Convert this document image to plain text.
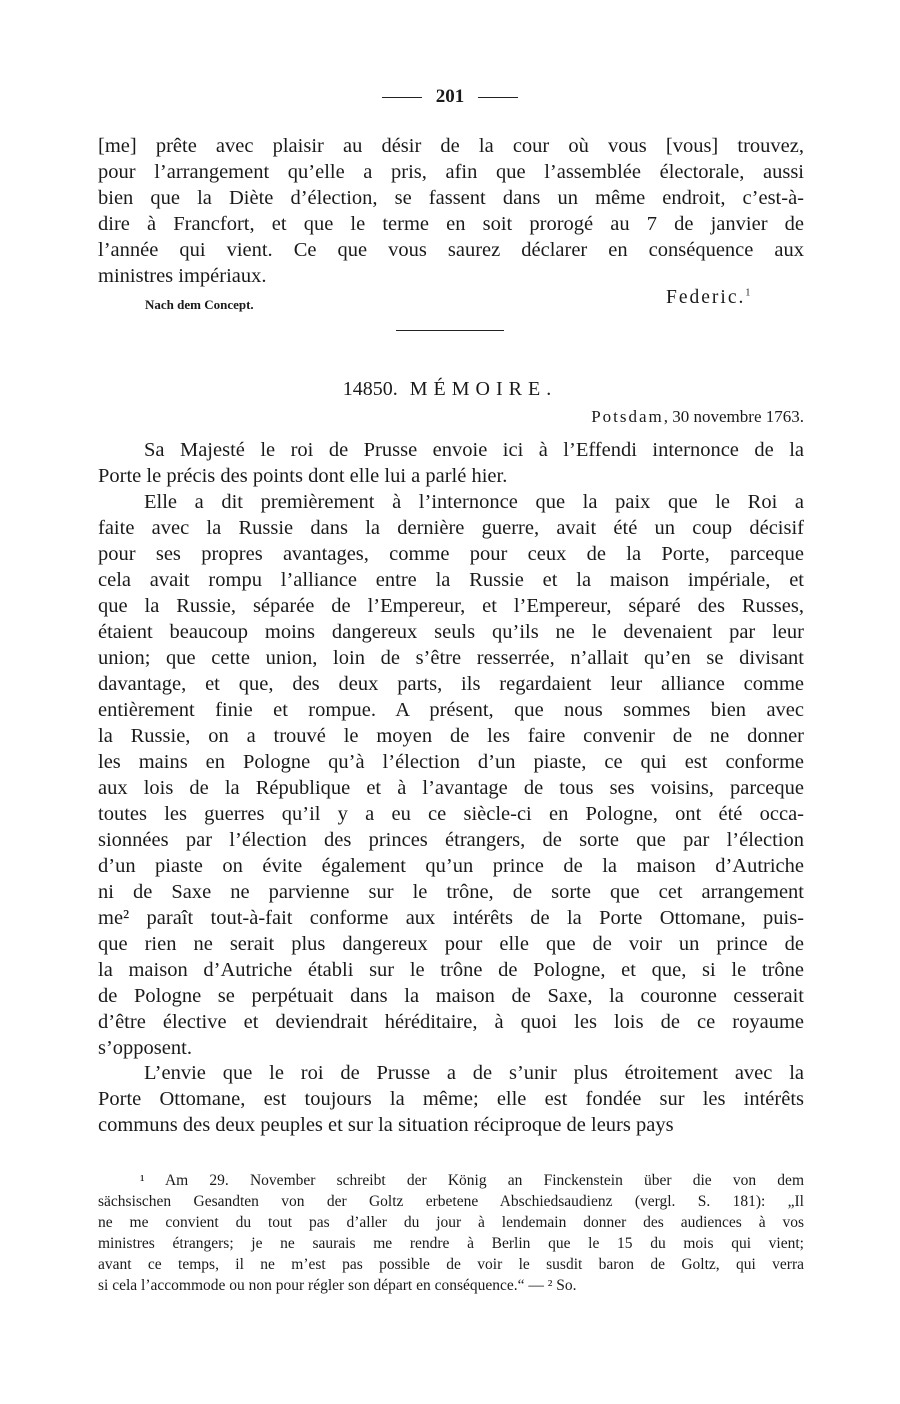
201
[me] prête avec plaisir au désir de la cour où vous [vous] trouvez,
pour l’arrangement qu’elle a pris, afin que l’assemblée électorale, aussi
bien que la Diète d’élection, se fassent dans un même endroit, c’est-à-
dire à Francfort, et que le terme en soit prorogé au 7 de janvier de
l’année qui vient. Ce que vous saurez déclarer en conséquence aux
ministres impériaux.
Nach dem Concept.	Federic.$^1$
14850. MÉMOIRE.
Potsdam, 30 novembre 1763.
Sa Majesté le roi de Prusse envoie ici à l’Effendi internonce de la
Porte le précis des points dont elle lui a parlé hier.
Elle a dit premièrement à l’internonce que la paix que le Roi a
faite avec la Russie dans la dernière guerre, avait été un coup décisif
pour ses propres avantages, comme pour ceux de la Porte, parceque
cela avait rompu l’alliance entre la Russie et la maison impériale, et
que la Russie, séparée de l’Empereur, et l’Empereur, séparé des Russes,
étaient beaucoup moins dangereux seuls qu’ils ne le devenaient par leur
union; que cette union, loin de s’être resserrée, n’allait qu’en se divisant
davantage, et que, des deux parts, ils regardaient leur alliance comme
entièrement finie et rompue. A présent, que nous sommes bien avec
la Russie, on a trouvé le moyen de les faire convenir de ne donner
les mains en Pologne qu’à l’élection d’un piaste, ce qui est conforme
aux lois de la République et à l’avantage de tous ses voisins, parceque
toutes les guerres qu’il y a eu ce siècle-ci en Pologne, ont été occa-
sionnées par l’élection des princes étrangers, de sorte que par l’élection
d’un piaste on évite également qu’un prince de la maison d’Autriche
ni de Saxe ne parvienne sur le trône, de sorte que cet arrangement
me² paraît tout-à-fait conforme aux intérêts de la Porte Ottomane, puis-
que rien ne serait plus dangereux pour elle que de voir un prince de
la maison d’Autriche établi sur le trône de Pologne, et que, si le trône
de Pologne se perpétuait dans la maison de Saxe, la couronne cesserait
d’être élective et deviendrait héréditaire, à quoi les lois de ce royaume
s’opposent.
L’envie que le roi de Prusse a de s’unir plus étroitement avec la
Porte Ottomane, est toujours la même; elle est fondée sur les intérêts
communs des deux peuples et sur la situation réciproque de leurs pays
¹ Am 29. November schreibt der König an Finckenstein über die von dem
sächsischen Gesandten von der Goltz erbetene Abschiedsaudienz (vergl. S. 181): „Il
ne me convient du tout pas d’aller du jour à lendemain donner des audiences à vos
ministres étrangers; je ne saurais me rendre à Berlin que le 15 du mois qui vient;
avant ce temps, il ne m’est pas possible de voir le susdit baron de Goltz, qui verra
si cela l’accommode ou non pour régler son départ en conséquence.“ — ² So.
